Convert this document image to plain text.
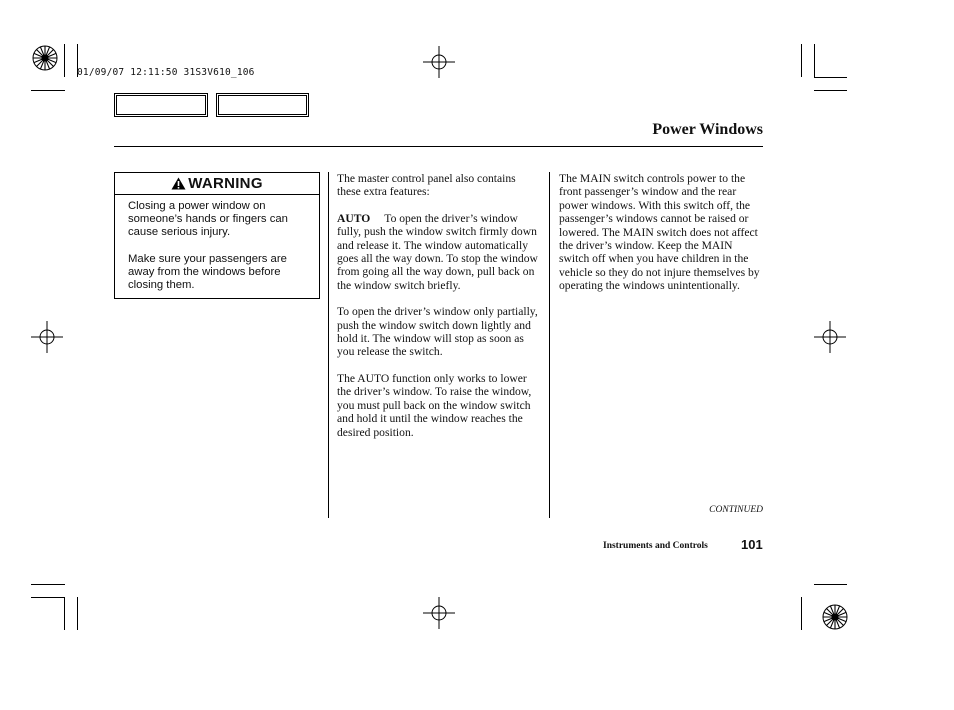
01/09/07 12:11:50 31S3V610_106
Power Windows
WARNING

Closing a power window on someone’s hands or fingers can cause serious injury.

Make sure your passengers are away from the windows before closing them.

The master control panel also contains these extra features:

AUTO To open the driver’s window fully, push the window switch firmly down and release it. The window automatically goes all the way down. To stop the window from going all the way down, pull back on the window switch briefly.

To open the driver’s window only partially, push the window switch down lightly and hold it. The window will stop as soon as you release the switch.

The AUTO function only works to lower the driver’s window. To raise the window, you must pull back on the window switch and hold it until the window reaches the desired position.

The MAIN switch controls power to the front passenger’s window and the rear power windows. With this switch off, the passenger’s windows cannot be raised or lowered. The MAIN switch does not affect the driver’s window. Keep the MAIN switch off when you have children in the vehicle so they do not injure themselves by operating the windows unintentionally.

CONTINUED
Instruments and Controls	101
